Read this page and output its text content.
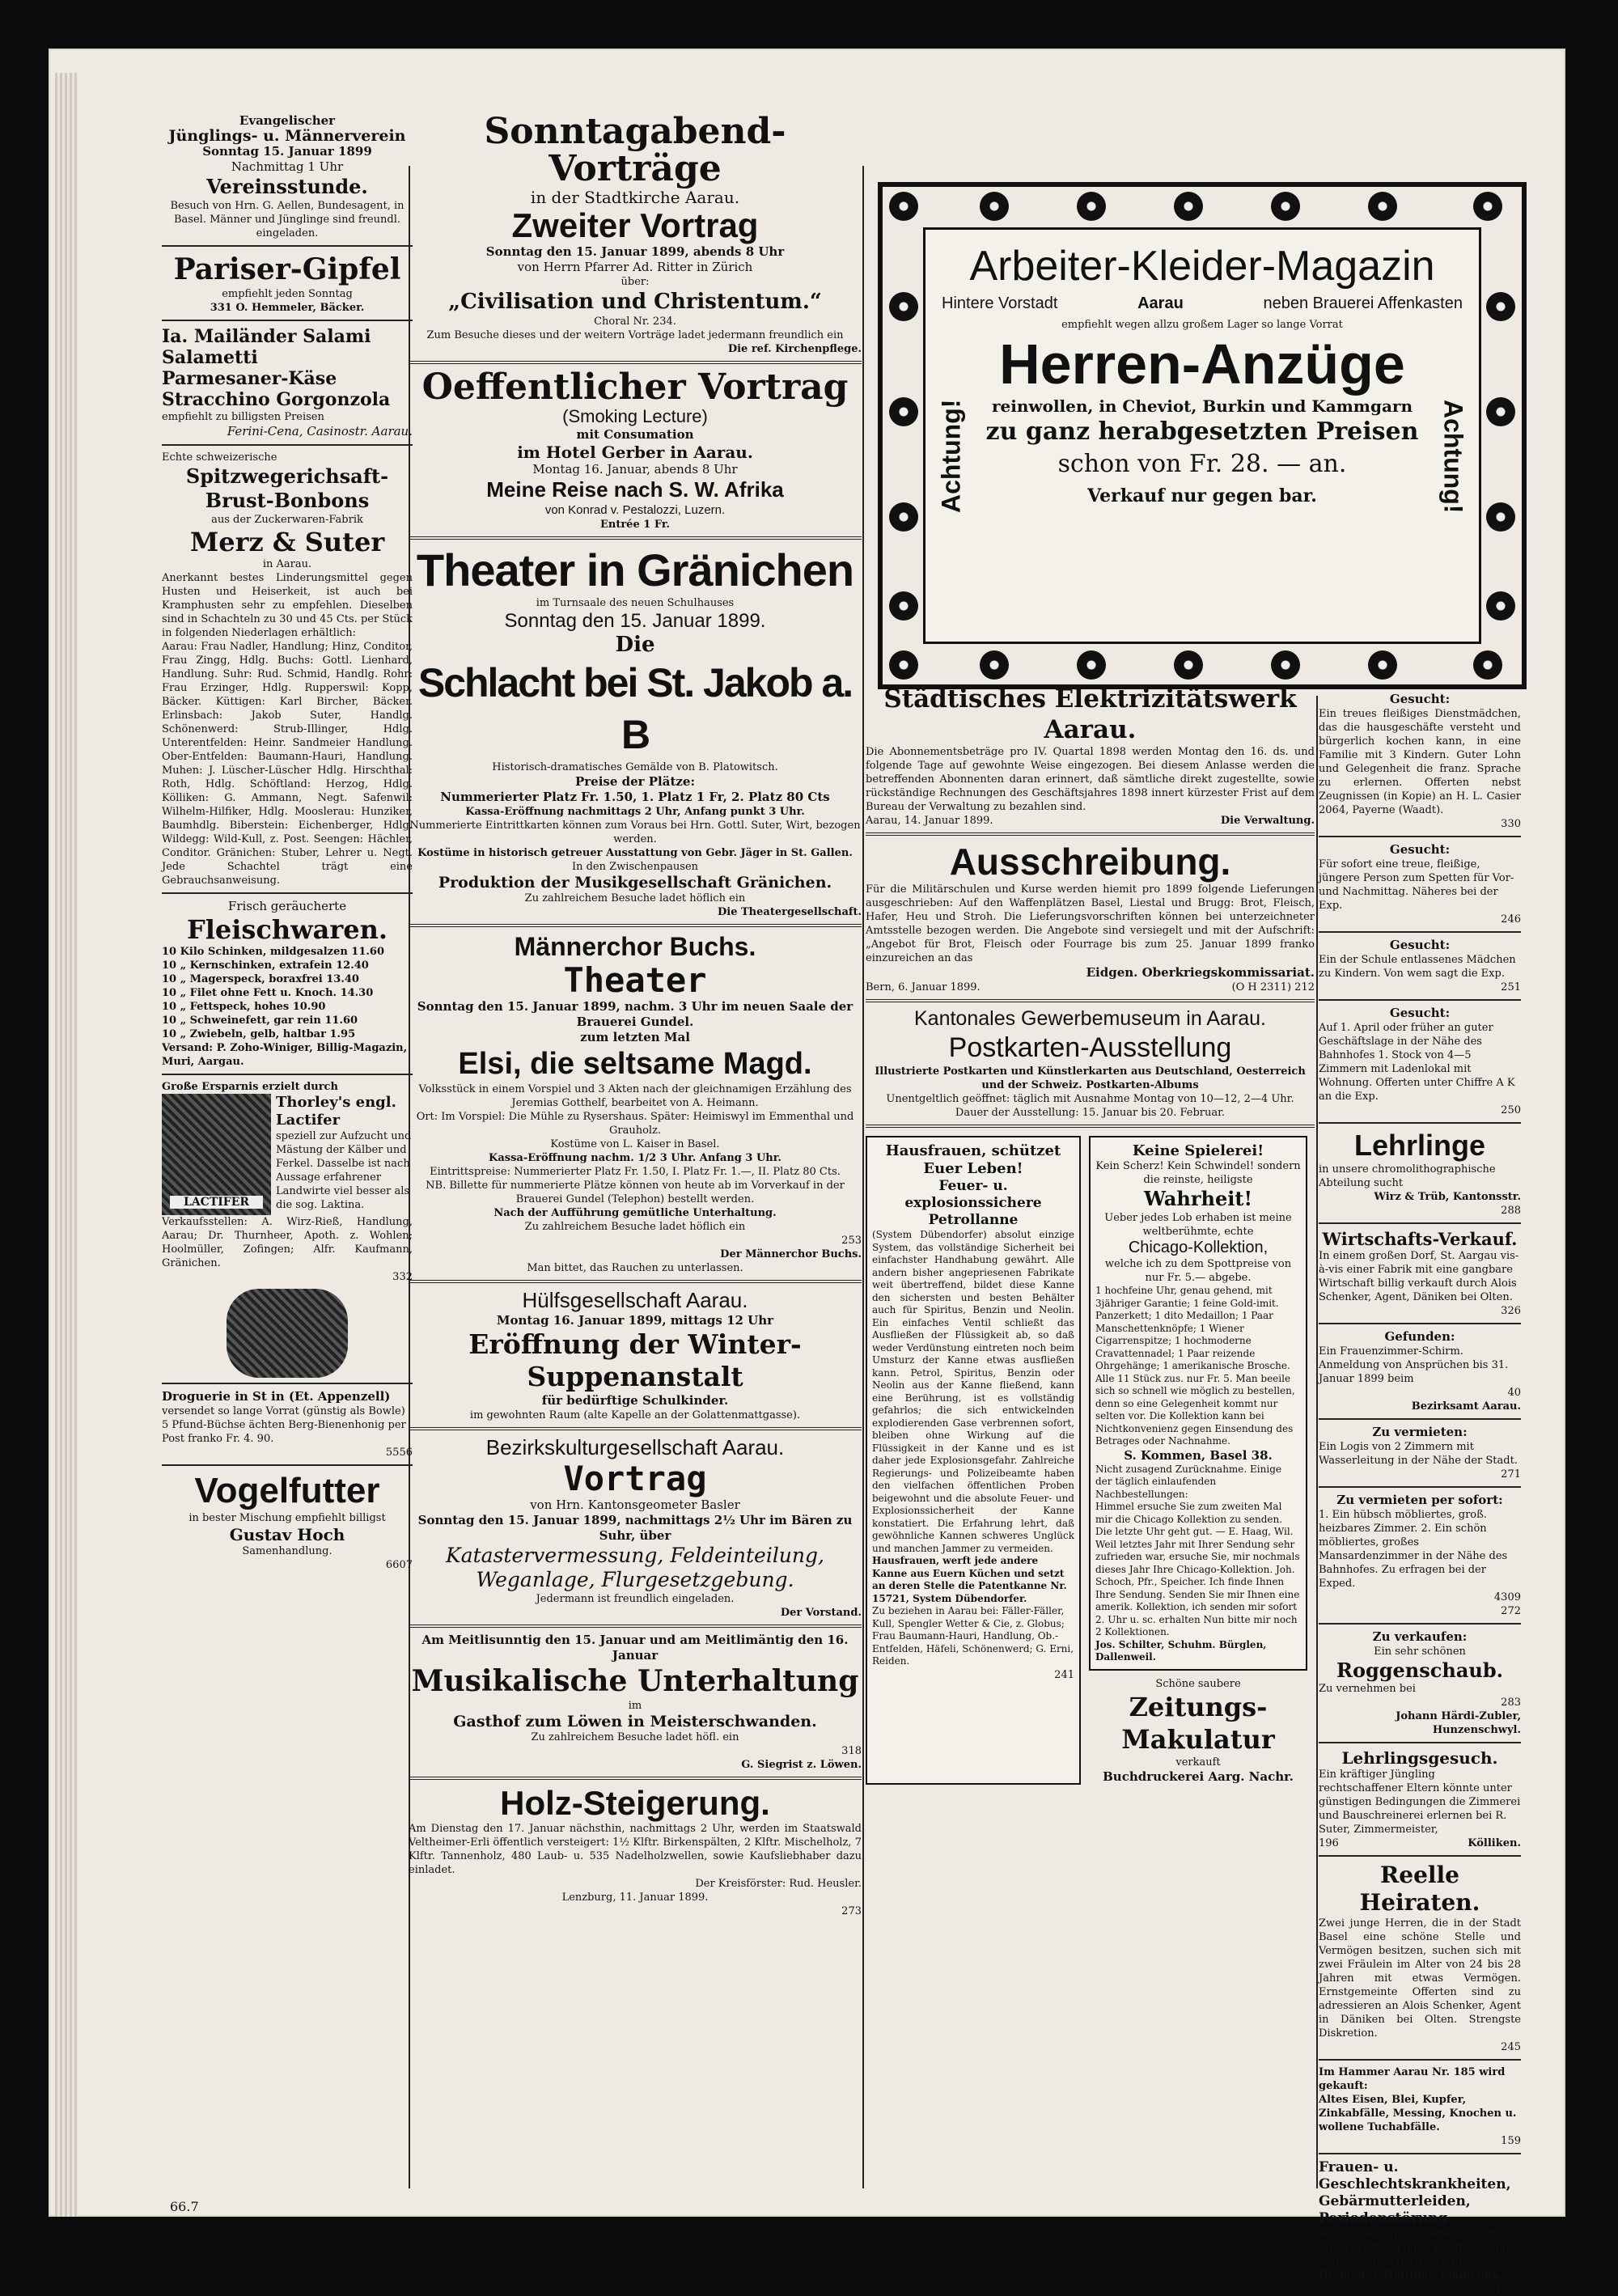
Evangelischer
Jünglings- u. Männerverein
Sonntag 15. Januar 1899
Nachmittag 1 Uhr
Vereinsstunde.
Besuch von Hrn. G. Aellen, Bundesagent, in Basel. Männer und Jünglinge sind freundl. eingeladen.
Pariser-Gipfel
empfiehlt jeden Sonntag
331 O. Hemmeler, Bäcker.
Ia. Mailänder Salami
Salametti
Parmesaner-Käse
Stracchino Gorgonzola
empfiehlt zu billigsten Preisen
Ferini-Cena, Casinostr. Aarau.
Echte schweizerische
Spitzwegerichsaft-
Brust-Bonbons
aus der Zuckerwaren-Fabrik
Merz & Suter
in Aarau.
Anerkannt bestes Linderungsmittel gegen Husten und Heiserkeit, ist auch bei Kramphusten sehr zu empfehlen. Dieselben sind in Schachteln zu 30 und 45 Cts. per Stück in folgenden Niederlagen erhältlich:
Aarau: Frau Nadler, Handlung; Hinz, Conditor, Frau Zingg, Hdlg. Buchs: Gottl. Lienhard, Handlung. Suhr: Rud. Schmid, Handlg. Rohr: Frau Erzinger, Hdlg. Rupperswil: Kopp, Bäcker. Küttigen: Karl Bircher, Bäcker. Erlinsbach: Jakob Suter, Handlg. Schönenwerd: Strub-Illinger, Hdlg. Unterentfelden: Heinr. Sandmeier Handlung. Ober-Entfelden: Baumann-Hauri, Handlung. Muhen: J. Lüscher-Lüscher Hdlg. Hirschthal: Roth, Hdlg. Schöftland: Herzog, Hdlg. Kölliken: G. Ammann, Negt. Safenwil: Wilhelm-Hilfiker, Hdlg. Mooslerau: Hunziker, Baumhdlg. Biberstein: Eichenberger, Hdlg. Wildegg: Wild-Kull, z. Post. Seengen: Hächler, Conditor. Gränichen: Stuber, Lehrer u. Negt. Jede Schachtel trägt eine Gebrauchsanweisung.
Frisch geräucherte
Fleischwaren.
10 Kilo Schinken, mildgesalzen 11.60
10 „ Kernschinken, extrafein 12.40
10 „ Magerspeck, boraxfrei 13.40
10 „ Filet ohne Fett u. Knoch. 14.30
10 „ Fettspeck, hohes 10.90
10 „ Schweinefett, gar rein 11.60
10 „ Zwiebeln, gelb, haltbar 1.95
Versand: P. Zoho-Winiger, Billig-Magazin, Muri, Aargau.
Große Ersparnis erzielt durch
LACTIFER
Thorley's engl. Lactifer
speziell zur Aufzucht und Mästung der Kälber und Ferkel. Dasselbe ist nach Aussage erfahrener Landwirte viel besser als die sog. Laktina.
Verkaufsstellen: A. Wirz-Rieß, Handlung, Aarau; Dr. Thurnheer, Apoth. z. Wohlen; Hoolmüller, Zofingen; Alfr. Kaufmann, Gränichen.
332
Droguerie in St in (Et. Appenzell)
versendet so lange Vorrat (günstig als Bowle) 5 Pfund-Büchse ächten Berg-Bienenhonig per Post franko Fr. 4. 90.
5556
Vogelfutter
in bester Mischung empfiehlt billigst
Gustav Hoch
Samenhandlung.
6607
Sonntagabend-Vorträge
in der Stadtkirche Aarau.
Zweiter Vortrag
Sonntag den 15. Januar 1899, abends 8 Uhr
von Herrn Pfarrer Ad. Ritter in Zürich
über:
„Civilisation und Christentum.“
Choral Nr. 234.
Zum Besuche dieses und der weitern Vorträge ladet jedermann freundlich ein
Die ref. Kirchenpflege.
Oeffentlicher Vortrag
(Smoking Lecture)
mit Consumation
im Hotel Gerber in Aarau.
Montag 16. Januar, abends 8 Uhr
Meine Reise nach S. W. Afrika
von Konrad v. Pestalozzi, Luzern.
Entrée 1 Fr.
Theater in Gränichen
im Turnsaale des neuen Schulhauses
Sonntag den 15. Januar 1899.
Die
Schlacht bei St. Jakob a. B
Historisch-dramatisches Gemälde von B. Platowitsch.
Preise der Plätze:
Nummerierter Platz Fr. 1.50, 1. Platz 1 Fr, 2. Platz 80 Cts
Kassa-Eröffnung nachmittags 2 Uhr, Anfang punkt 3 Uhr.
Nummerierte Eintrittkarten können zum Voraus bei Hrn. Gottl. Suter, Wirt, bezogen werden.
Kostüme in historisch getreuer Ausstattung von Gebr. Jäger in St. Gallen.
In den Zwischenpausen
Produktion der Musikgesellschaft Gränichen.
Zu zahlreichem Besuche ladet höflich ein
Die Theatergesellschaft.
Männerchor Buchs.
Theater
Sonntag den 15. Januar 1899, nachm. 3 Uhr im neuen Saale der Brauerei Gundel.
zum letzten Mal
Elsi, die seltsame Magd.
Volksstück in einem Vorspiel und 3 Akten nach der gleichnamigen Erzählung des Jeremias Gotthelf, bearbeitet von A. Heimann.
Ort: Im Vorspiel: Die Mühle zu Rysershaus. Später: Heimiswyl im Emmenthal und Grauholz.
Kostüme von L. Kaiser in Basel.
Kassa-Eröffnung nachm. 1/2 3 Uhr. Anfang 3 Uhr.
Eintrittspreise: Nummerierter Platz Fr. 1.50, I. Platz Fr. 1.—, II. Platz 80 Cts.
NB. Billette für nummerierte Plätze können von heute ab im Vorverkauf in der Brauerei Gundel (Telephon) bestellt werden.
Nach der Aufführung gemütliche Unterhaltung.
Zu zahlreichem Besuche ladet höflich ein
253
Der Männerchor Buchs.
Man bittet, das Rauchen zu unterlassen.
Hülfsgesellschaft Aarau.
Montag 16. Januar 1899, mittags 12 Uhr
Eröffnung der Winter-Suppenanstalt
für bedürftige Schulkinder.
im gewohnten Raum (alte Kapelle an der Golattenmattgasse).
Bezirkskulturgesellschaft Aarau.
Vortrag
von Hrn. Kantonsgeometer Basler
Sonntag den 15. Januar 1899, nachmittags 2½ Uhr im Bären zu Suhr, über
Katastervermessung, Feldeinteilung, Weganlage, Flurgesetzgebung.
Jedermann ist freundlich eingeladen.
Der Vorstand.
Am Meitlisunntig den 15. Januar und am Meitlimäntig den 16. Januar
Musikalische Unterhaltung
im
Gasthof zum Löwen in Meisterschwanden.
Zu zahlreichem Besuche ladet höfl. ein
318
G. Siegrist z. Löwen.
Holz-Steigerung.
Am Dienstag den 17. Januar nächsthin, nachmittags 2 Uhr, werden im Staatswald Veltheimer-Erli öffentlich versteigert: 1½ Klftr. Birkenspälten, 2 Klftr. Mischelholz, 7 Klftr. Tannenholz, 480 Laub- u. 535 Nadelholzwellen, sowie Kaufsliebhaber dazu einladet.
Der Kreisförster: Rud. Heusler.
Lenzburg, 11. Januar 1899.
273
Achtung!	Achtung!
Arbeiter-Kleider-Magazin
Hintere Vorstadt	Aarau	neben Brauerei Affenkasten
empfiehlt wegen allzu großem Lager so lange Vorrat
Herren-Anzüge
reinwollen, in Cheviot, Burkin und Kammgarn
zu ganz herabgesetzten Preisen
schon von Fr. 28. — an.
Verkauf nur gegen bar.
Städtisches Elektrizitätswerk Aarau.
Die Abonnementsbeträge pro IV. Quartal 1898 werden Montag den 16. ds. und folgende Tage auf gewohnte Weise eingezogen. Bei diesem Anlasse werden die betreffenden Abonnenten daran erinnert, daß sämtliche direkt zugestellte, sowie rückständige Rechnungen des Geschäftsjahres 1898 innert kürzester Frist auf dem Bureau der Verwaltung zu bezahlen sind.
Aarau, 14. Januar 1899.	Die Verwaltung.
Ausschreibung.
Für die Militärschulen und Kurse werden hiemit pro 1899 folgende Lieferungen ausgeschrieben: Auf den Waffenplätzen Basel, Liestal und Brugg: Brot, Fleisch, Hafer, Heu und Stroh. Die Lieferungsvorschriften können bei unterzeichneter Amtsstelle bezogen werden. Die Angebote sind versiegelt und mit der Aufschrift: „Angebot für Brot, Fleisch oder Fourrage bis zum 25. Januar 1899 franko einzureichen an das
Eidgen. Oberkriegskommissariat.
Bern, 6. Januar 1899.	(O H 2311) 212
Kantonales Gewerbemuseum in Aarau.
Postkarten-Ausstellung
Illustrierte Postkarten und Künstlerkarten aus Deutschland, Oesterreich und der Schweiz. Postkarten-Albums
Unentgeltlich geöffnet: täglich mit Ausnahme Montag von 10—12, 2—4 Uhr.
Dauer der Ausstellung: 15. Januar bis 20. Februar.
Hausfrauen, schützet Euer Leben!
Feuer- u. explosionssichere Petrollanne
(System Dübendorfer) absolut einzige System, das vollständige Sicherheit bei einfachster Handhabung gewährt. Alle andern bisher angepriesenen Fabrikate weit übertreffend, bildet diese Kanne den sichersten und besten Behälter auch für Spiritus, Benzin und Neolin. Ein einfaches Ventil schließt das Ausfließen der Flüssigkeit ab, so daß weder Verdünstung eintreten noch beim Umsturz der Kanne etwas ausfließen kann. Petrol, Spiritus, Benzin oder Neolin aus der Kanne fließend, kann eine Berührung, ist es vollständig gefahrlos; die sich entwickelnden explodierenden Gase verbrennen sofort, bleiben ohne Wirkung auf die Flüssigkeit in der Kanne und es ist daher jede Explosionsgefahr. Zahlreiche Regierungs- und Polizeibeamte haben den vielfachen öffentlichen Proben beigewohnt und die absolute Feuer- und Explosionssicherheit der Kanne konstatiert. Die Erfahrung lehrt, daß gewöhnliche Kannen schweres Unglück und manchen Jammer zu vermeiden.
Hausfrauen, werft jede andere Kanne aus Euern Küchen und setzt an deren Stelle die Patentkanne Nr. 15721, System Dübendorfer.
Zu beziehen in Aarau bei: Fäller-Fäller, Kull, Spengler Wetter & Cie, z. Globus; Frau Baumann-Hauri, Handlung, Ob.-Entfelden, Häfeli, Schönenwerd; G. Erni, Reiden.
241
Keine Spielerei!
Kein Scherz! Kein Schwindel! sondern die reinste, heiligste
Wahrheit!
Ueber jedes Lob erhaben ist meine weltberühmte, echte
Chicago-Kollektion,
welche ich zu dem Spottpreise von nur Fr. 5.— abgebe.
1 hochfeine Uhr, genau gehend, mit 3jähriger Garantie; 1 feine Gold-imit. Panzerkett; 1 dito Medaillon; 1 Paar Manschettenknöpfe; 1 Wiener Cigarrenspitze; 1 hochmoderne Cravattennadel; 1 Paar reizende Ohrgehänge; 1 amerikanische Brosche.
Alle 11 Stück zus. nur Fr. 5. Man beeile sich so schnell wie möglich zu bestellen, denn so eine Gelegenheit kommt nur selten vor. Die Kollektion kann bei Nichtkonvenienz gegen Einsendung des Betrages oder Nachnahme.
S. Kommen, Basel 38.
Nicht zusagend Zurücknahme. Einige der täglich einlaufenden Nachbestellungen:
Himmel ersuche Sie zum zweiten Mal mir die Chicago Kollektion zu senden. Die letzte Uhr geht gut. — E. Haag, Wil. Weil letztes Jahr mit Ihrer Sendung sehr zufrieden war, ersuche Sie, mir nochmals dieses Jahr Ihre Chicago-Kollektion. Joh. Schoch, Pfr., Speicher. Ich finde Ihnen Ihre Sendung. Senden Sie mir Ihnen eine amerik. Kollektion, ich senden mir sofort 2. Uhr u. sc. erhalten Nun bitte mir noch 2 Kollektionen.
Jos. Schilter, Schuhm. Bürglen, Dallenweil.
Schöne saubere
Zeitungs-Makulatur
verkauft
Buchdruckerei Aarg. Nachr.
Gesucht:
Ein treues fleißiges Dienstmädchen, das die hausgeschäfte versteht und bürgerlich kochen kann, in eine Familie mit 3 Kindern. Guter Lohn und Gelegenheit die franz. Sprache zu erlernen. Offerten nebst Zeugnissen (in Kopie) an H. L. Casier 2064, Payerne (Waadt).
330
Gesucht:
Für sofort eine treue, fleißige, jüngere Person zum Spetten für Vor- und Nachmittag. Näheres bei der Exp.
246
Gesucht:
Ein der Schule entlassenes Mädchen zu Kindern. Von wem sagt die Exp.
251
Gesucht:
Auf 1. April oder früher an guter Geschäftslage in der Nähe des Bahnhofes 1. Stock von 4—5 Zimmern mit Ladenlokal mit Wohnung. Offerten unter Chiffre A K an die Exp.
250
Lehrlinge
in unsere chromolithographische Abteilung sucht
Wirz & Trüb, Kantonsstr.
288
Wirtschafts-Verkauf.
In einem großen Dorf, St. Aargau vis-à-vis einer Fabrik mit eine gangbare Wirtschaft billig verkauft durch Alois Schenker, Agent, Däniken bei Olten.
326
Gefunden:
Ein Frauenzimmer-Schirm. Anmeldung von Ansprüchen bis 31. Januar 1899 beim
40
Bezirksamt Aarau.
Zu vermieten:
Ein Logis von 2 Zimmern mit Wasserleitung in der Nähe der Stadt.
271
Zu vermieten per sofort:
1. Ein hübsch möbliertes, groß. heizbares Zimmer. 2. Ein schön möbliertes, großes Mansardenzimmer in der Nähe des Bahnhofes. Zu erfragen bei der Exped.
4309
272
Zu verkaufen:
Ein sehr schönen
Roggenschaub.
Zu vernehmen bei
283
Johann Härdi-Zubler, Hunzenschwyl.
Lehrlingsgesuch.
Ein kräftiger Jüngling rechtschaffener Eltern könnte unter günstigen Bedingungen die Zimmerei und Bauschreinerei erlernen bei R. Suter, Zimmermeister,
196	Kölliken.
Reelle Heiraten.
Zwei junge Herren, die in der Stadt Basel eine schöne Stelle und Vermögen besitzen, suchen sich mit zwei Fräulein im Alter von 24 bis 28 Jahren mit etwas Vermögen. Ernstgemeinte Offerten sind zu adressieren an Alois Schenker, Agent in Däniken bei Olten. Strengste Diskretion.
245
Im Hammer Aarau Nr. 185 wird gekauft:
Altes Eisen, Blei, Kupfer, Zinkabfälle, Messing, Knochen u. wollene Tuchabfälle.
159
Frauen- u. Geschlechtskrankheiten, Gebärmutterleiden, Periodenstörung
heilt schnell und dauernd diskret (auch brieflich) ohne Berufsstörung ohne Nachteil für die Gesundheit.
Dr. med. J. Häftiger, Emmenda.
4309
66.7
